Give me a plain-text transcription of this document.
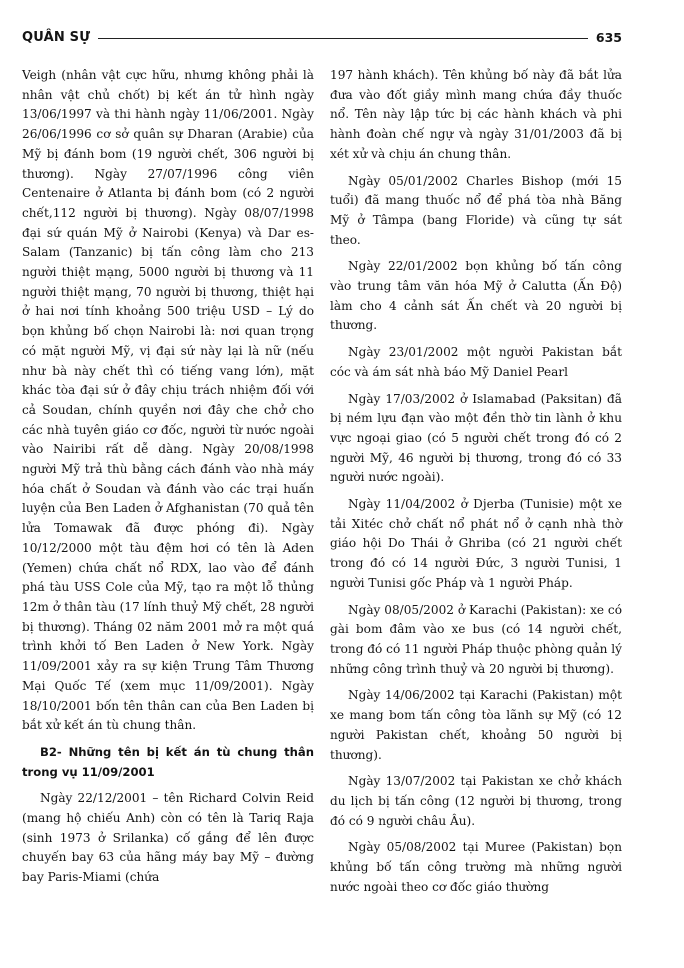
QUÂN SỰ	635

Veigh (nhân vật cực hữu, nhưng không phải là nhân vật chủ chốt) bị kết án tử hình ngày 13/06/1997 và thi hành ngày 11/06/2001. Ngày 26/06/1996 cơ sở quân sự Dharan (Arabie) của Mỹ bị đánh bom (19 người chết, 306 người bị thương). Ngày 27/07/1996 công viên Centenaire ở Atlanta bị đánh bom (có 2 người chết,112 người bị thương). Ngày 08/07/1998 đại sứ quán Mỹ ở Nairobi (Kenya) và Dar es-Salam (Tanzanic) bị tấn công làm cho 213 người thiệt mạng, 5000 người bị thương và 11 người thiệt mạng, 70 người bị thương, thiệt hại ở hai nơi tính khoảng 500 triệu USD – Lý do bọn khủng bố chọn Nairobi là: nơi quan trọng có mặt người Mỹ, vị đại sứ này lại là nữ (nếu như bà này chết thì có tiếng vang lớn), mặt khác tòa đại sứ ở đây chịu trách nhiệm đối với cả Soudan, chính quyền nơi đây che chở cho các nhà tuyên giáo cơ đốc, người từ nước ngoài vào Nairibi rất dễ dàng. Ngày 20/08/1998 người Mỹ trả thù bằng cách đánh vào nhà máy hóa chất ở Soudan và đánh vào các trại huấn luyện của Ben Laden ở Afghanistan (70 quả tên lửa Tomawak đã được phóng đi). Ngày 10/12/2000 một tàu đệm hơi có tên là Aden (Yemen) chứa chất nổ RDX, lao vào để đánh phá tàu USS Cole của Mỹ, tạo ra một lỗ thủng 12m ở thân tàu (17 lính thuỷ Mỹ chết, 28 người bị thương). Tháng 02 năm 2001 mở ra một quá trình khởi tố Ben Laden ở New York. Ngày 11/09/2001 xảy ra sự kiện Trung Tâm Thương Mại Quốc Tế (xem mục 11/09/2001). Ngày 18/10/2001 bốn tên thân can của Ben Laden bị bắt xử kết án tù chung thân.

B2- Những tên bị kết án tù chung thân trong vụ 11/09/2001

Ngày 22/12/2001 – tên Richard Colvin Reid (mang hộ chiếu Anh) còn có tên là Tariq Raja (sinh 1973 ở Srilanka) cố gắng để lên được chuyến bay 63 của hãng máy bay Mỹ – đường bay Paris-Miami (chứa

197 hành khách). Tên khủng bố này đã bắt lửa đưa vào đốt giầy mình mang chứa đầy thuốc nổ. Tên này lập tức bị các hành khách và phi hành đoàn chế ngự và ngày 31/01/2003 đã bị xét xử và chịu án chung thân.

Ngày 05/01/2002 Charles Bishop (mới 15 tuổi) đã mang thuốc nổ để phá tòa nhà Băng Mỹ ở Tâmpa (bang Floride) và cũng tự sát theo.

Ngày 22/01/2002 bọn khủng bố tấn công vào trung tâm văn hóa Mỹ ở Calutta (Ấn Độ) làm cho 4 cảnh sát Ấn chết và 20 người bị thương.

Ngày 23/01/2002 một người Pakistan bắt cóc và ám sát nhà báo Mỹ Daniel Pearl

Ngày 17/03/2002 ở Islamabad (Paksitan) đã bị ném lựu đạn vào một đền thờ tin lành ở khu vực ngoại giao (có 5 người chết trong đó có 2 người Mỹ, 46 người bị thương, trong đó có 33 người nước ngoài).

Ngày 11/04/2002 ở Djerba (Tunisie) một xe tải Xitéc chở chất nổ phát nổ ở cạnh nhà thờ giáo hội Do Thái ở Ghriba (có 21 người chết trong đó có 14 người Đức, 3 người Tunisi, 1 người Tunisi gốc Pháp và 1 người Pháp.

Ngày 08/05/2002 ở Karachi (Pakistan): xe có gài bom đâm vào xe bus (có 14 người chết, trong đó có 11 người Pháp thuộc phòng quản lý những công trình thuỷ và 20 người bị thương).

Ngày 14/06/2002 tại Karachi (Pakistan) một xe mang bom tấn công tòa lãnh sự Mỹ (có 12 người Pakistan chết, khoảng 50 người bị thương).

Ngày 13/07/2002 tại Pakistan xe chở khách du lịch bị tấn công (12 người bị thương, trong đó có 9 người châu Âu).

Ngày 05/08/2002 tại Muree (Pakistan) bọn khủng bố tấn công trường mà những người nước ngoài theo cơ đốc giáo thường
